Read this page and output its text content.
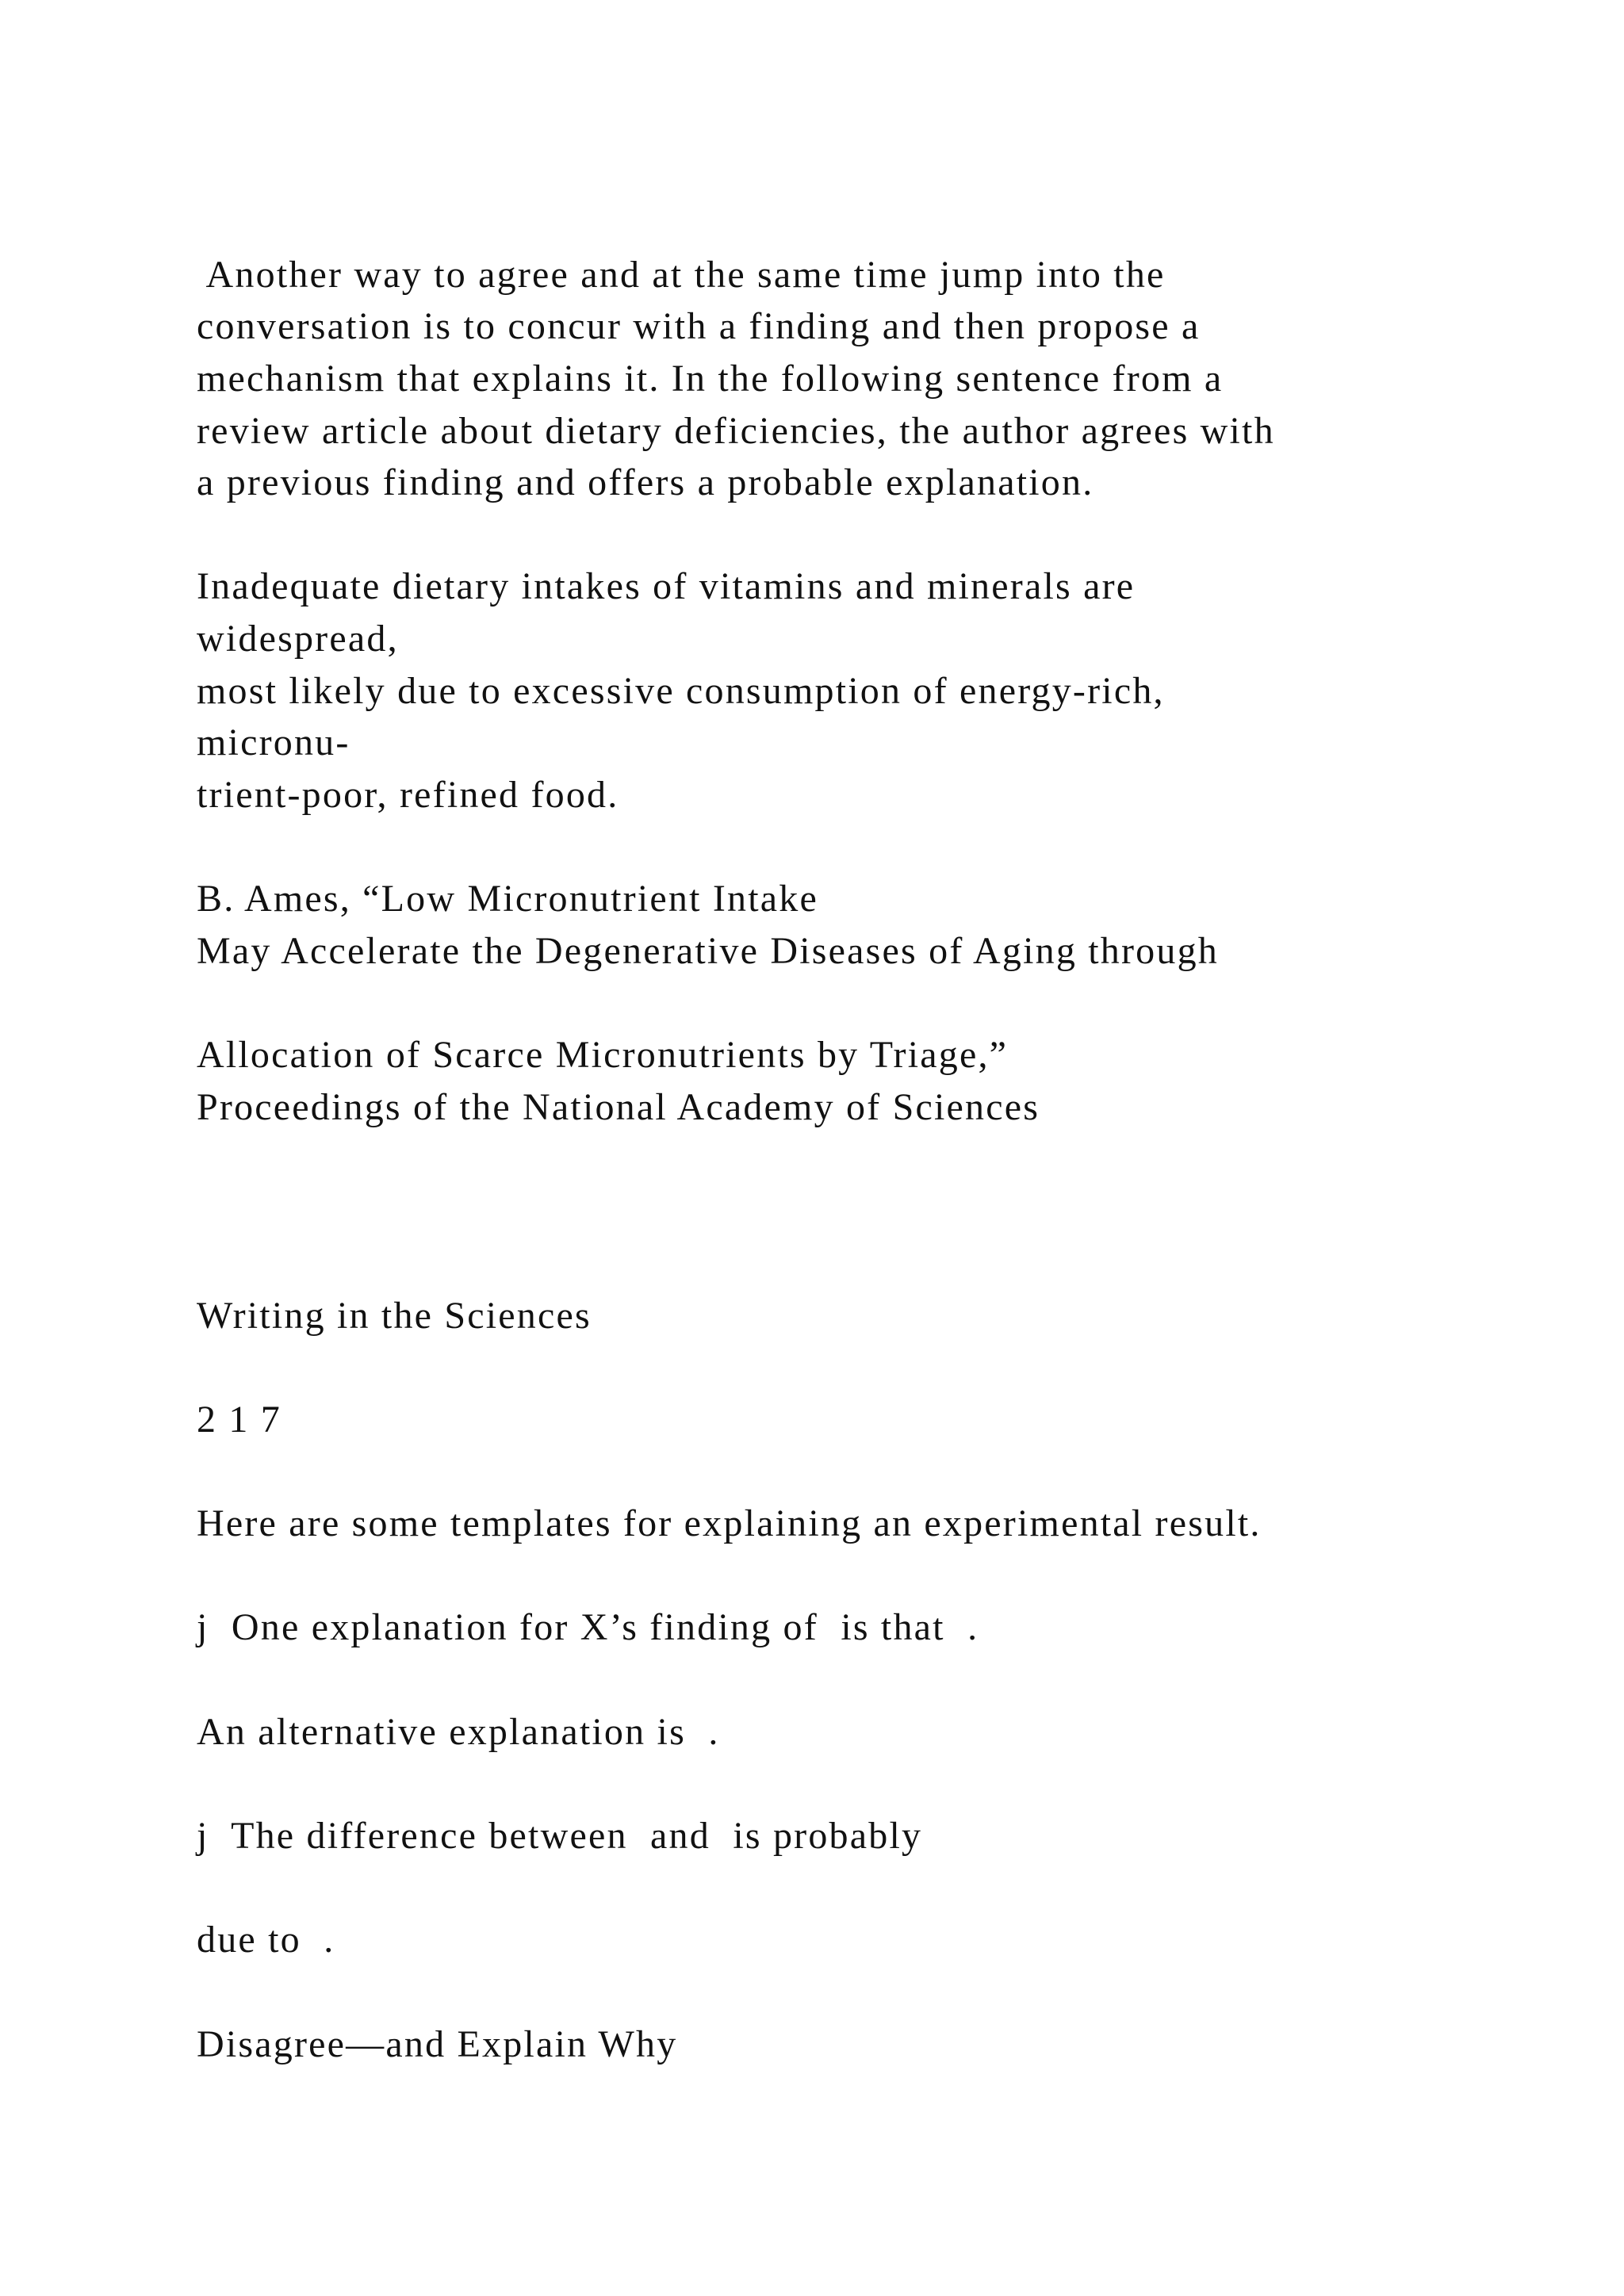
Another way to agree and at the same time jump into the
conversation is to concur with a finding and then propose a
mechanism that explains it. In the following sentence from a
review article about dietary deficiencies, the author agrees with
a previous finding and offers a probable explanation.
Inadequate dietary intakes of vitamins and minerals are
widespread,
most likely due to excessive consumption of energy-rich,
micronu-
trient-poor, refined food.
B. Ames, “Low Micronutrient Intake
May Accelerate the Degenerative Diseases of Aging through
Allocation of Scarce Micronutrients by Triage,”
Proceedings of the National Academy of Sciences
Writing in the Sciences
2 1 7
Here are some templates for explaining an experimental result.
j  One explanation for X’s finding of  is that  .
An alternative explanation is  .
j  The difference between  and  is probably
due to  .
Disagree—and Explain Why
